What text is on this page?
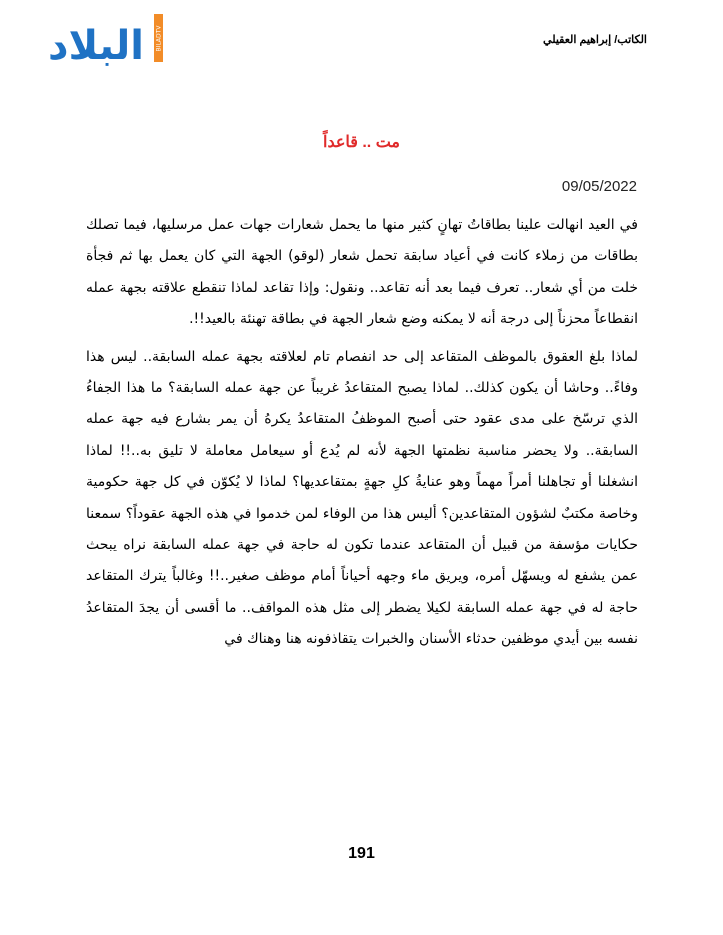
البلاد BILADTV	الكاتب/ إبراهيم العقيلي
مت .. قاعداً
09/05/2022

في العيد انهالت علينا بطاقاتُ تهانٍ كثير منها ما يحمل شعارات جهات عمل مرسليها، فيما تصلك بطاقات من زملاء كانت في أعياد سابقة تحمل شعار (لوقو) الجهة التي كان يعمل بها ثم فجأة خلت من أي شعار.. تعرف فيما بعد أنه تقاعد.. ونقول: وإذا تقاعد لماذا تنقطع علاقته بجهة عمله انقطاعاً محزناً إلى درجة أنه لا يمكنه وضع شعار الجهة في بطاقة تهنئة بالعيد!!.

لماذا بلغ العقوق بالموظف المتقاعد إلى حد انفصام تام لعلاقته بجهة عمله السابقة.. ليس هذا وفاءً.. وحاشا أن يكون كذلك.. لماذا يصبح المتقاعدُ غريباً عن جهة عمله السابقة؟ ما هذا الجفاءُ الذي ترسّخ على مدى عقود حتى أصبح الموظفُ المتقاعدُ يكرهُ أن يمر بشارع فيه جهة عمله السابقة.. ولا يحضر مناسبة نظمتها الجهة لأنه لم يُدع أو سيعامل معاملة لا تليق به..!! لماذا انشغلنا أو تجاهلنا أمراً مهماً وهو عنايةُ كلِ جهةٍ بمتقاعديها؟ لماذا لا يُكوّن في كل جهة حكومية وخاصة مكتبٌ لشؤون المتقاعدين؟ أليس هذا من الوفاء لمن خدموا في هذه الجهة عقوداً؟ سمعنا حكايات مؤسفة من قبيل أن المتقاعد عندما تكون له حاجة في جهة عمله السابقة نراه يبحث عمن يشفع له ويسهّل أمره، ويريق ماء وجهه أحياناً أمام موظف صغير..!! وغالباً يترك المتقاعد حاجة له في جهة عمله السابقة لكيلا يضطر إلى مثل هذه المواقف.. ما أقسى أن يجدَ المتقاعدُ نفسه بين أيدي موظفين حدثاء الأسنان والخبرات يتقاذفونه هنا وهناك في

191
